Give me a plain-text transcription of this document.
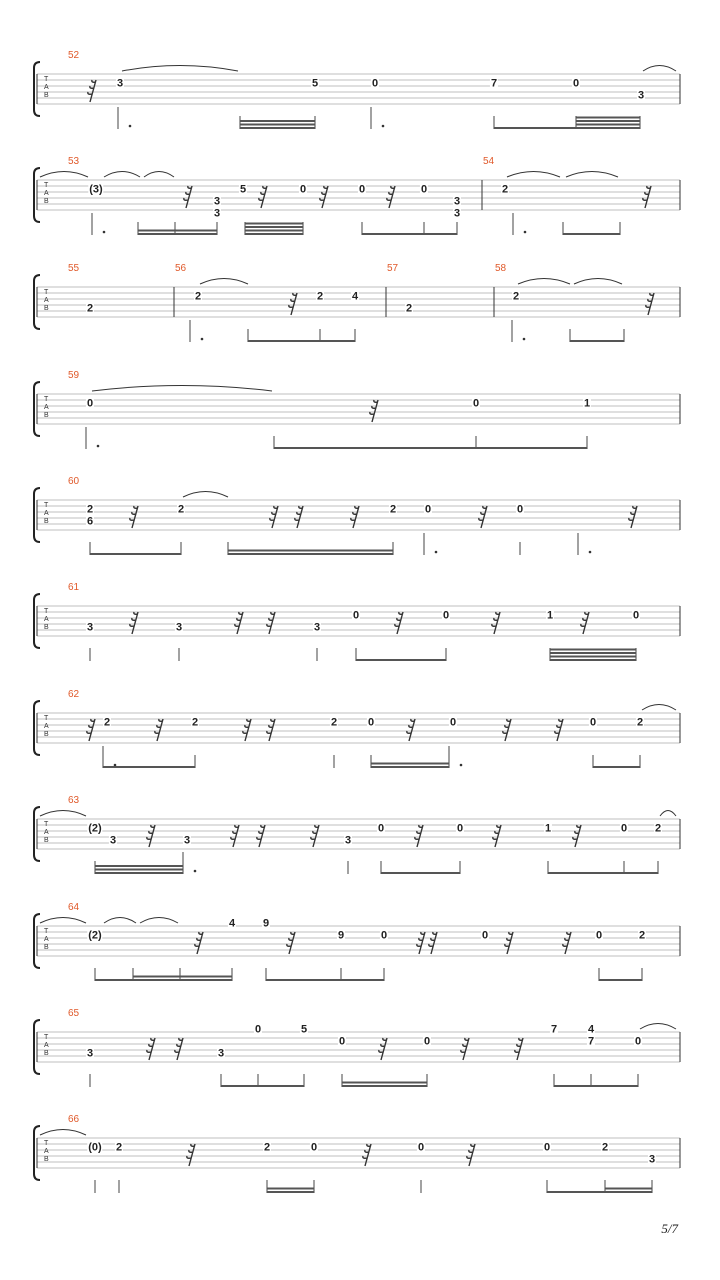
5/7
T
A
B
52
3	5	0	7	0
3
T
A
B
53	54
(3)
3
3
5	0	0	0
3
3
2
T
A
B
55	56	57	58
2
2	2	4
2
2
T
A
B
59
0	0	1
T
A
B
60
2
6
2	2	0	0
T
A
B
61
3	3	3
0	0	1	0
T
A
B
62
2	2	2	0	0	0	2
T
A
B
63
(2)
3	3	3
0	0	1	0	2
T
A
B
64
(2)
4	9
9	0	0	0	2
T
A
B
65
3	3
0	5
0	0
7	4
7	0
T
A
B
66
(0) 2	2	0	0	0	2
3
